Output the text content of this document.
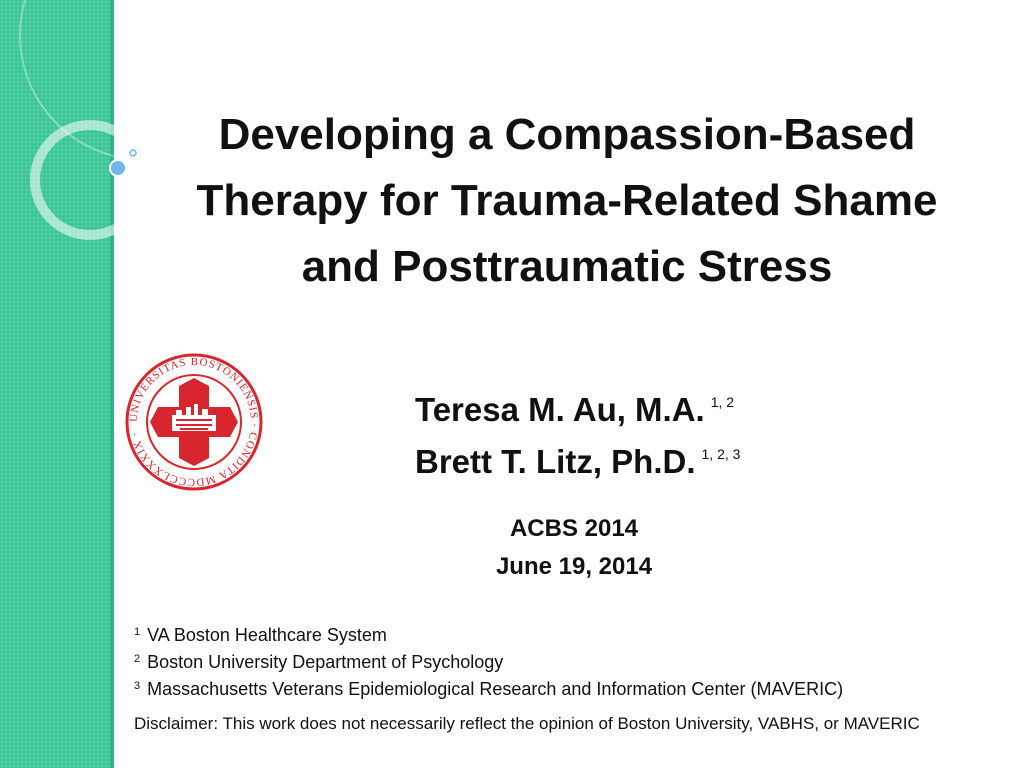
Developing a Compassion-Based
Therapy for Trauma-Related Shame
and Posttraumatic Stress
UNIVERSITAS BOSTONIENSIS · CONDITA MDCCCLXXXIX ·
Teresa M. Au, M.A. $^{1, 2}$
Brett T. Litz, Ph.D. $^{1, 2, 3}$
ACBS 2014
June 19, 2014
$^1$ VA Boston Healthcare System
$^2$ Boston University Department of Psychology
$^3$ Massachusetts Veterans Epidemiological Research and Information Center (MAVERIC)
Disclaimer: This work does not necessarily reflect the opinion of Boston University, VABHS, or MAVERIC
